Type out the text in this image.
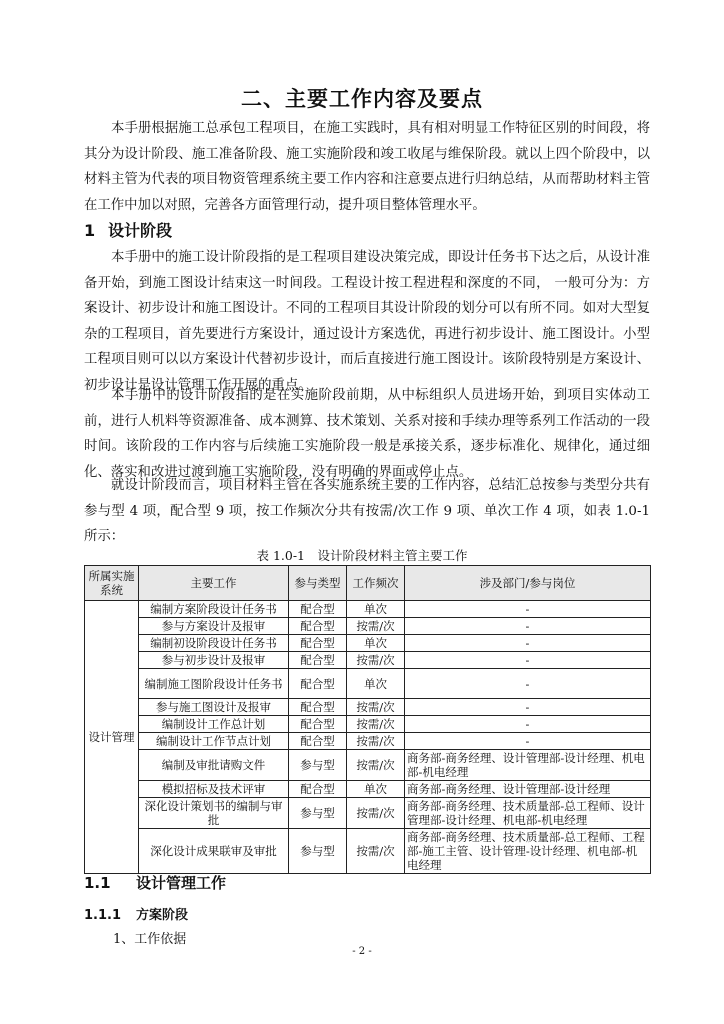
二、主要工作内容及要点

本手册根据施工总承包工程项目，在施工实践时，具有相对明显工作特征区别的时间段，将其分为设计阶段、施工准备阶段、施工实施阶段和竣工收尾与维保阶段。就以上四个阶段中，以材料主管为代表的项目物资管理系统主要工作内容和注意要点进行归纳总结，从而帮助材料主管在工作中加以对照，完善各方面管理行动，提升项目整体管理水平。

1 设计阶段

本手册中的施工设计阶段指的是工程项目建设决策完成，即设计任务书下达之后，从设计准备开始，到施工图设计结束这一时间段。工程设计按工程进程和深度的不同， 一般可分为：方案设计、初步设计和施工图设计。不同的工程项目其设计阶段的划分可以有所不同。如对大型复杂的工程项目，首先要进行方案设计，通过设计方案选优，再进行初步设计、施工图设计。小型工程项目则可以以方案设计代替初步设计，而后直接进行施工图设计。该阶段特别是方案设计、初步设计是设计管理工作开展的重点。

本手册中的设计阶段指的是在实施阶段前期，从中标组织人员进场开始，到项目实体动工前，进行人机料等资源准备、成本测算、技术策划、关系对接和手续办理等系列工作活动的一段时间。该阶段的工作内容与后续施工实施阶段一般是承接关系，逐步标准化、规律化，通过细化、落实和改进过渡到施工实施阶段，没有明确的界面或停止点。

就设计阶段而言，项目材料主管在各实施系统主要的工作内容，总结汇总按参与类型分共有参与型 4 项，配合型 9 项，按工作频次分共有按需/次工作 9 项、单次工作 4 项，如表 1.0-1 所示：

表 1.0-1　设计阶段材料主管主要工作
所属实施系统	主要工作	参与类型	工作频次	涉及部门/参与岗位
设计管理	编制方案阶段设计任务书	配合型	单次	-
	参与方案设计及报审	配合型	按需/次	-
	编制初设阶段设计任务书	配合型	单次	-
	参与初步设计及报审	配合型	按需/次	-
	编制施工图阶段设计任务书	配合型	单次	-
	参与施工图设计及报审	配合型	按需/次	-
	编制设计工作总计划	配合型	按需/次	-
	编制设计工作节点计划	配合型	按需/次	-
	编制及审批请购文件	参与型	按需/次	商务部-商务经理、设计管理部-设计经理、机电部-机电经理
	模拟招标及技术评审	配合型	单次	商务部-商务经理、设计管理部-设计经理
	深化设计策划书的编制与审批	参与型	按需/次	商务部-商务经理、技术质量部-总工程师、设计管理部-设计经理、机电部-机电经理
	深化设计成果联审及审批	参与型	按需/次	商务部-商务经理、技术质量部-总工程师、工程部-施工主管、设计管理-设计经理、机电部-机电经理
1.1 设计管理工作
1.1.1 方案阶段
1、工作依据
- 2 -
